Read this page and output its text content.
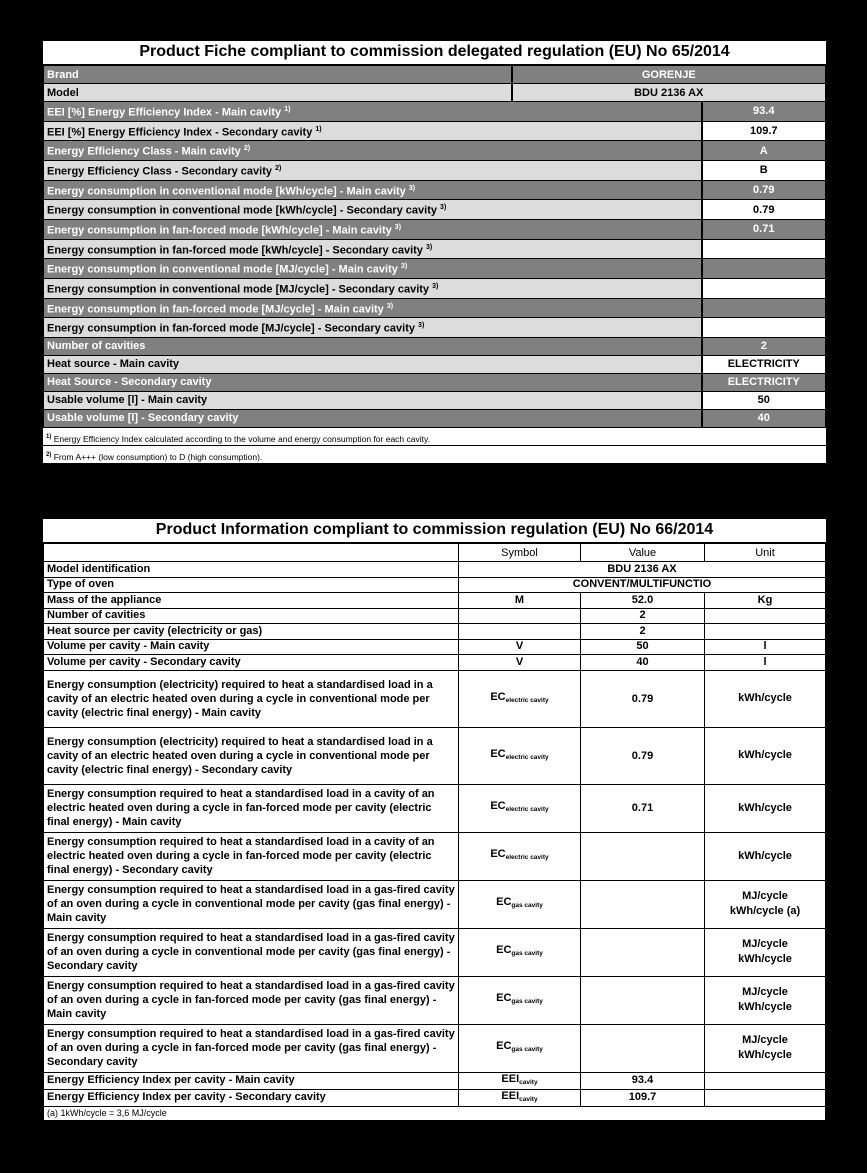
Product Fiche compliant to commission delegated regulation (EU) No 65/2014
Brand	GORENJE	
Model	BDU 2136 AX	
EEI [%] Energy Efficiency Index - Main cavity $^{1)}$		93.4
EEI [%] Energy Efficiency Index - Secondary cavity $^{1)}$		109.7
Energy Efficiency Class - Main cavity $^{2)}$		A
Energy Efficiency Class - Secondary cavity $^{2)}$		B
Energy consumption in conventional mode [kWh/cycle] - Main cavity $^{3)}$		0.79
Energy consumption in conventional mode [kWh/cycle] - Secondary cavity $^{3)}$		0.79
Energy consumption in fan-forced mode [kWh/cycle] - Main cavity $^{3)}$		0.71
Energy consumption in fan-forced mode [kWh/cycle] - Secondary cavity $^{3)}$	
Energy consumption in conventional mode [MJ/cycle] - Main cavity $^{3)}$	
Energy consumption in conventional mode [MJ/cycle] - Secondary cavity $^{3)}$	
Energy consumption in fan-forced mode [MJ/cycle] - Main cavity $^{3)}$	
Energy consumption in fan-forced mode [MJ/cycle] - Secondary cavity $^{3)}$	
Number of cavities		2
Heat source - Main cavity		ELECTRICITY
Heat Source - Secondary cavity		ELECTRICITY
Usable volume [l] - Main cavity		50
Usable volume [l] - Secondary cavity		40
$^{1)}$ Energy Efficiency Index calculated according to the volume and energy consumption for each cavity.
$^{2)}$ From A+++ (low consumption) to D (high consumption).
$^{3)}$ Based on the results of standards tests that simulate the thermal properties of food. The consumption will depend on how the appliance is used.
Product Information compliant to commission regulation (EU) No 66/2014
	Symbol	Value	Unit
Model identification	BDU 2136 AX		
Type of oven	CONVENT/MULTIFUNCTIO		
Mass of the appliance	M	52.0	Kg
Number of cavities		2	
Heat source per cavity (electricity or gas)		2	
Volume per cavity - Main cavity	V	50	l
Volume per cavity - Secondary cavity	V	40	l
Energy consumption (electricity) required to heat a standardised load in a cavity of an electric heated oven during a cycle in conventional mode per cavity (electric final energy) - Main cavity	$EC_{electric cavity}$	0.79	kWh/cycle

Energy consumption (electricity) required to heat a standardised load in a cavity of an electric heated oven during a cycle in conventional mode per cavity (electric final energy) - Secondary cavity	$EC_{electric cavity}$	0.79	kWh/cycle

Energy consumption required to heat a standardised load in a cavity of an electric heated oven during a cycle in fan-forced mode per cavity (electric final energy) - Main cavity	$EC_{electric cavity}$	0.71	kWh/cycle

Energy consumption required to heat a standardised load in a cavity of an electric heated oven during a cycle in fan-forced mode per cavity (electric final energy) - Secondary cavity	$EC_{electric cavity}$		kWh/cycle

Energy consumption required to heat a standardised load in a gas-fired cavity of an oven during a cycle in conventional mode per cavity (gas final energy) - Main cavity	$EC_{gas cavity}$		MJ/cycle
kWh/cycle (a)

Energy consumption required to heat a standardised load in a gas-fired cavity of an oven during a cycle in conventional mode per cavity (gas final energy) - Secondary cavity	$EC_{gas cavity}$		MJ/cycle
kWh/cycle

Energy consumption required to heat a standardised load in a gas-fired cavity of an oven during a cycle in fan-forced mode per cavity (gas final energy) - Main cavity	$EC_{gas cavity}$		MJ/cycle
kWh/cycle

Energy consumption required to heat a standardised load in a gas-fired cavity of an oven during a cycle in fan-forced mode per cavity (gas final energy) - Secondary cavity	$EC_{gas cavity}$		MJ/cycle
kWh/cycle

Energy Efficiency Index per cavity - Main cavity	$EEI_{cavity}$	93.4	
Energy Efficiency Index per cavity - Secondary cavity	$EEI_{cavity}$	109.7	
(a) 1kWh/cycle = 3,6 MJ/cycle			
